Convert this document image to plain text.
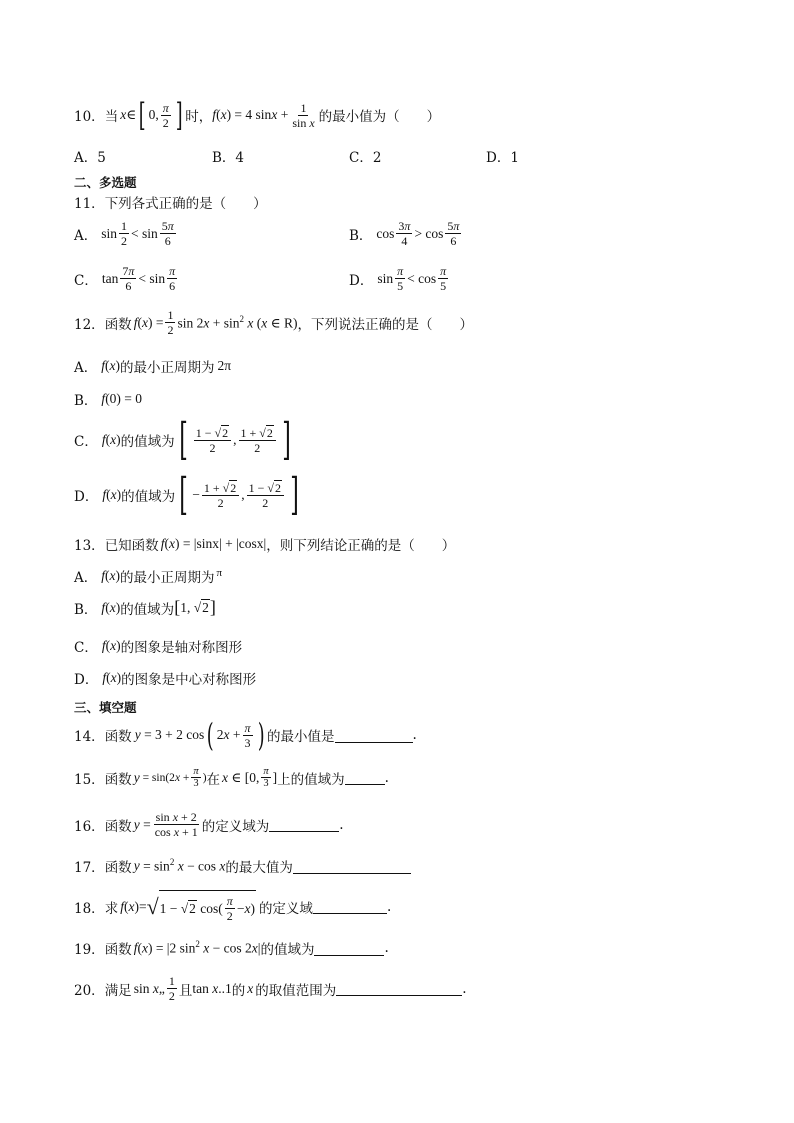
10． 当 x ∈ [ 0, $\frac{\pi}{2}$ ] 时， f ( x ) = 4 $\sin x + \frac{1}{\text{sin x}}$ 的最小值为（　　）
A．5	B．4	C．2	D．1
二、多选题
11． 下列各式正确的是（　　）
A． $\sin \frac{1}{2} < \sin \frac{5\pi}{6}$	B． $\cos \frac{3\pi}{4} > \cos \frac{5\pi}{6}$
C． $\tan \frac{7\pi}{6} < \sin \frac{\pi}{6}$	D． $\sin \frac{\pi}{5} < \cos \frac{\pi}{5}$
12． 函数 f ( x ) = $\frac{1}{2}$ $\sin 2x + \sin^2 x$ (x ∈ R) ，下列说法正确的是（　　）
A． f ( x ) 的最小正周期为 2π
B． f (0) = 0
C． f ( x ) 的值域为 [ $\frac{1 - √2}{2}$ , $\frac{1 + √2}{2}$ ]
D． f ( x ) 的值域为 [ − $\frac{1 + √2}{2}$ , $\frac{1 - √2}{2}$ ]
13． 已知函数 f ( x ) = |sinx| + |cosx| ，则下列结论正确的是（　　）
A． f ( x ) 的最小正周期为 π
B． f ( x ) 的值域为 [ 1, √2 ]
C． f ( x ) 的图象是轴对称图形
D． f ( x ) 的图象是中心对称图形
三、填空题
14． 函数 y = 3 + 2 cos ( $2x + \frac{\pi}{3}$ ) 的最小值是	.
15． 函数 $y = \sin(2x + \frac{\pi}{3}$ ) 在 x ∈ [0, $\frac{\pi}{3}$ ] 上的值域为	.
16． 函数 $y = \frac{\text{sin x + 2}}{\text{cos x + 1}}$ 的定义域为	.
17． 函数 $y = \sin^2 x - \cos x$ 的最大值为
18． 求 f (x)= √ 1 − √ 2 $\cos( \frac{\pi}{2} - x$ ) 的定义域	.
19． 函数 f (x) = |2 $\sin^2 x - \cos 2x|$ 的值域为	.
20． 满足 sin x„ $\frac{1}{2}$ 且 tan x..1 的 x 的取值范围为	.
